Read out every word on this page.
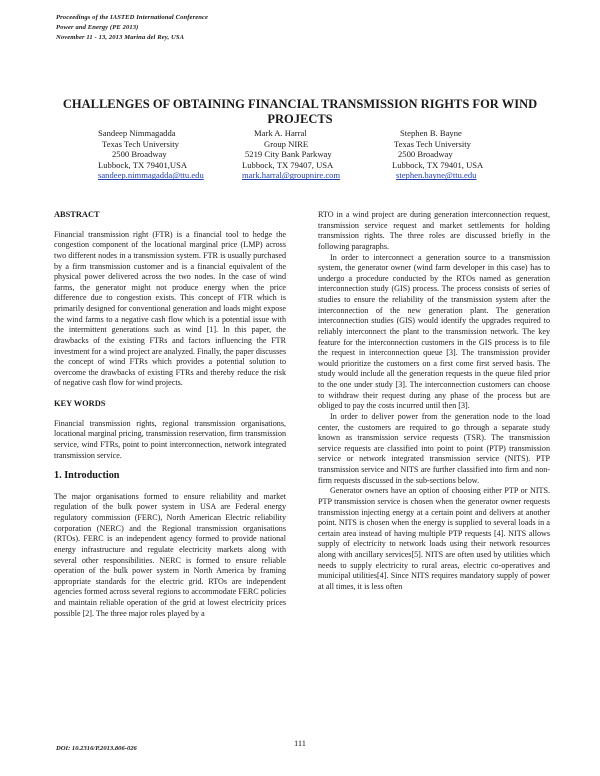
Proceedings of the IASTED International Conference
Power and Energy (PE 2013)
November 11 - 13, 2013 Marina del Rey, USA
CHALLENGES OF OBTAINING FINANCIAL TRANSMISSION RIGHTS FOR WIND PROJECTS
Sandeep Nimmagadda
Texas Tech University
2500 Broadway
Lubbock, TX 79401,USA
sandeep.nimmagadda@ttu.edu
Mark A. Harral
Group NIRE
5219 City Bank Parkway
Lubbock, TX 79407, USA
mark.harral@groupnire.com
Stephen B. Bayne
Texas Tech University
2500 Broadway
Lubbock, TX 79401, USA
stephen.bayne@ttu.edu
ABSTRACT

Financial transmission right (FTR) is a financial tool to hedge the congestion component of the locational marginal price (LMP) across two different nodes in a transmission system. FTR is usually purchased by a firm transmission customer and is a financial equivalent of the physical power delivered across the two nodes. In the case of wind farms, the generator might not produce energy when the price difference due to congestion exists. This concept of FTR which is primarily designed for conventional generation and loads might expose the wind farms to a negative cash flow which is a potential issue with the intermittent generations such as wind [1]. In this paper, the drawbacks of the existing FTRs and factors influencing the FTR investment for a wind project are analyzed. Finally, the paper discusses the concept of wind FTRs which provides a potential solution to overcome the drawbacks of existing FTRs and thereby reduce the risk of negative cash flow for wind projects.

KEY WORDS

Financial transmission rights, regional transmission organisations, locational marginal pricing, transmission reservation, firm transmission service, wind FTRs, point to point interconnection, network integrated transmission service.

1. Introduction

The major organisations formed to ensure reliability and market regulation of the bulk power system in USA are Federal energy regulatory commission (FERC), North American Electric reliability corporation (NERC) and the Regional transmission organisations (RTOs). FERC is an independent agency formed to provide national energy infrastructure and regulate electricity markets along with several other responsibilities. NERC is formed to ensure reliable operation of the bulk power system in North America by framing appropriate standards for the electric grid. RTOs are independent agencies formed across several regions to accommodate FERC policies and maintain reliable operation of the grid at lowest electricity prices possible [2]. The three major roles played by a

RTO in a wind project are during generation interconnection request, transmission service request and market settlements for holding transmission rights. The three roles are discussed briefly in the following paragraphs.

In order to interconnect a generation source to a transmission system, the generator owner (wind farm developer in this case) has to undergo a procedure conducted by the RTOs named as generation interconnection study (GIS) process. The process consists of series of studies to ensure the reliability of the transmission system after the interconnection of the new generation plant. The generation interconnection studies (GIS) would identify the upgrades required to reliably interconnect the plant to the transmission network. The key feature for the interconnection customers in the GIS process is to file the request in interconnection queue [3]. The transmission provider would prioritize the customers on a first come first served basis. The study would include all the generation requests in the queue filed prior to the one under study [3]. The interconnection customers can choose to withdraw their request during any phase of the process but are obliged to pay the costs incurred until then [3].

In order to deliver power from the generation node to the load center, the customers are required to go through a separate study known as transmission service requests (TSR). The transmission service requests are classified into point to point (PTP) transmission service or network integrated transmission service (NITS). PTP transmission service and NITS are further classified into firm and non-firm requests discussed in the sub-sections below.

Generator owners have an option of choosing either PTP or NITS. PTP transmission service is chosen when the generator owner requests transmission injecting energy at a certain point and delivers at another point. NITS is chosen when the energy is supplied to several loads in a certain area instead of having multiple PTP requests [4]. NITS allows supply of electricity to network loads using their network resources along with ancillary services[5]. NITS are often used by utilities which needs to supply electricity to rural areas, electric co-operatives and municipal utilities[4]. Since NITS requires mandatory supply of power at all times, it is less often

DOI: 10.2316/P.2013.806-026
111
